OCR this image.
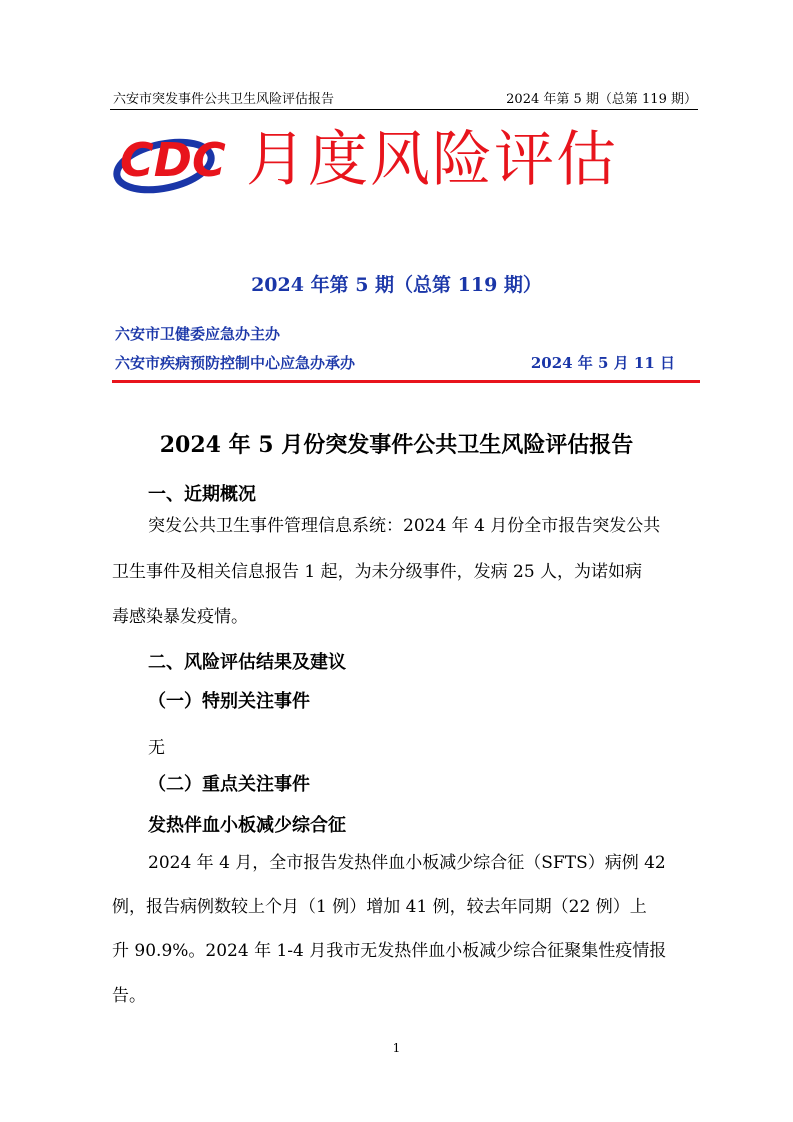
六安市突发事件公共卫生风险评估报告	2024 年第 5 期（总第 119 期）
CDC 月度风险评估
2024 年第 5 期（总第 119 期）
六安市卫健委应急办主办
六安市疾病预防控制中心应急办承办	2024 年 5 月 11 日
2024 年 5 月份突发事件公共卫生风险评估报告
一、近期概况
突发公共卫生事件管理信息系统：2024 年 4 月份全市报告突发公共
卫生事件及相关信息报告 1 起，为未分级事件，发病 25 人，为诺如病
毒感染暴发疫情。
二、风险评估结果及建议
（一）特别关注事件
无
（二）重点关注事件
发热伴血小板减少综合征
2024 年 4 月，全市报告发热伴血小板减少综合征（SFTS）病例 42
例，报告病例数较上个月（1 例）增加 41 例，较去年同期（22 例）上
升 90.9%。2024 年 1-4 月我市无发热伴血小板减少综合征聚集性疫情报
告。
1
